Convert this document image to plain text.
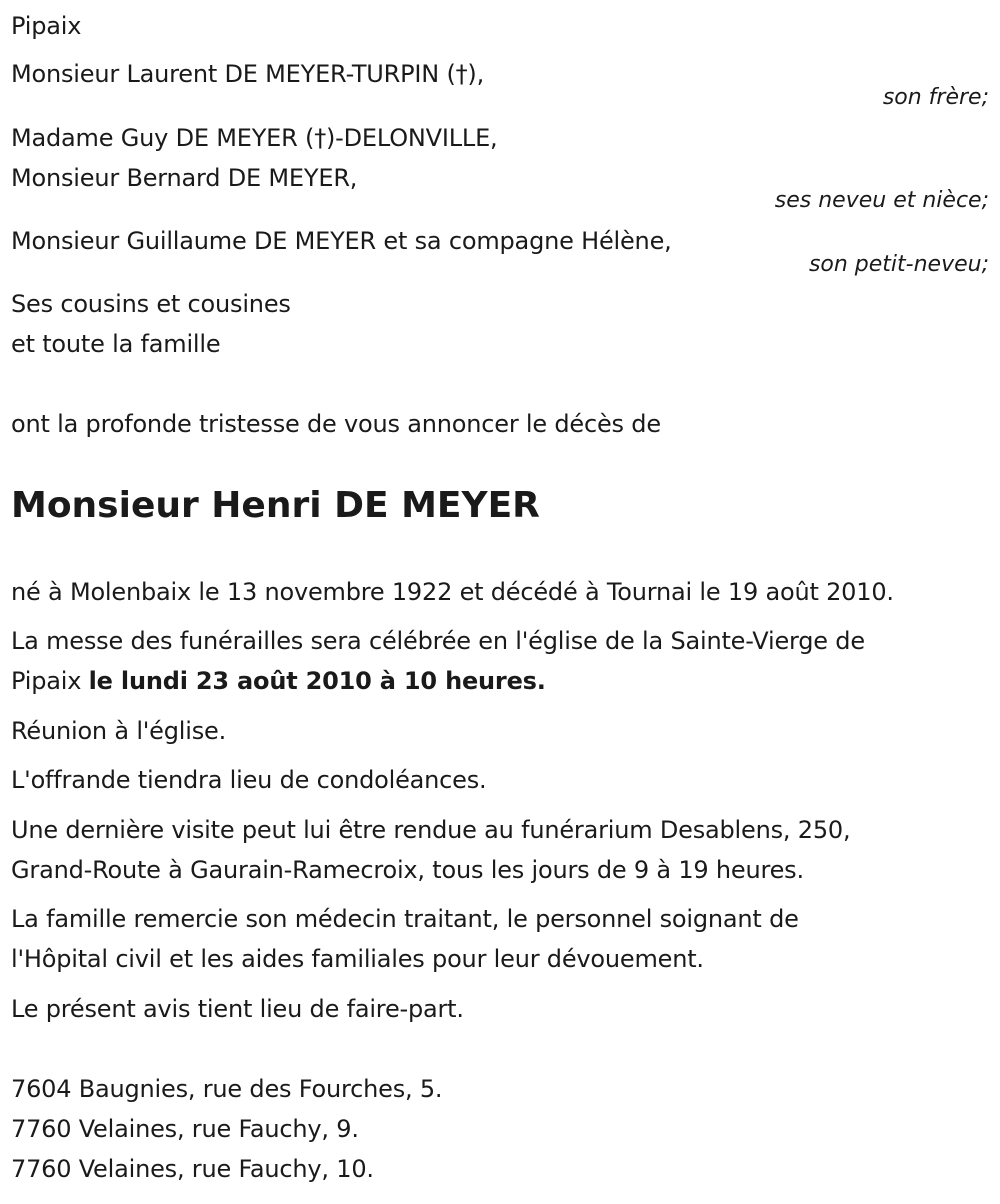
Pipaix
Monsieur Laurent DE MEYER-TURPIN (†),
son frère;
Madame Guy DE MEYER (†)-DELONVILLE,
Monsieur Bernard DE MEYER,
ses neveu et nièce;
Monsieur Guillaume DE MEYER et sa compagne Hélène,
son petit-neveu;
Ses cousins et cousines
et toute la famille
ont la profonde tristesse de vous annoncer le décès de
Monsieur Henri DE MEYER
né à Molenbaix le 13 novembre 1922 et décédé à Tournai le 19 août 2010.
La messe des funérailles sera célébrée en l'église de la Sainte-Vierge de
Pipaix le lundi 23 août 2010 à 10 heures.
Réunion à l'église.
L'offrande tiendra lieu de condoléances.
Une dernière visite peut lui être rendue au funérarium Desablens, 250,
Grand-Route à Gaurain-Ramecroix, tous les jours de 9 à 19 heures.
La famille remercie son médecin traitant, le personnel soignant de
l'Hôpital civil et les aides familiales pour leur dévouement.
Le présent avis tient lieu de faire-part.
7604 Baugnies, rue des Fourches, 5.
7760 Velaines, rue Fauchy, 9.
7760 Velaines, rue Fauchy, 10.
